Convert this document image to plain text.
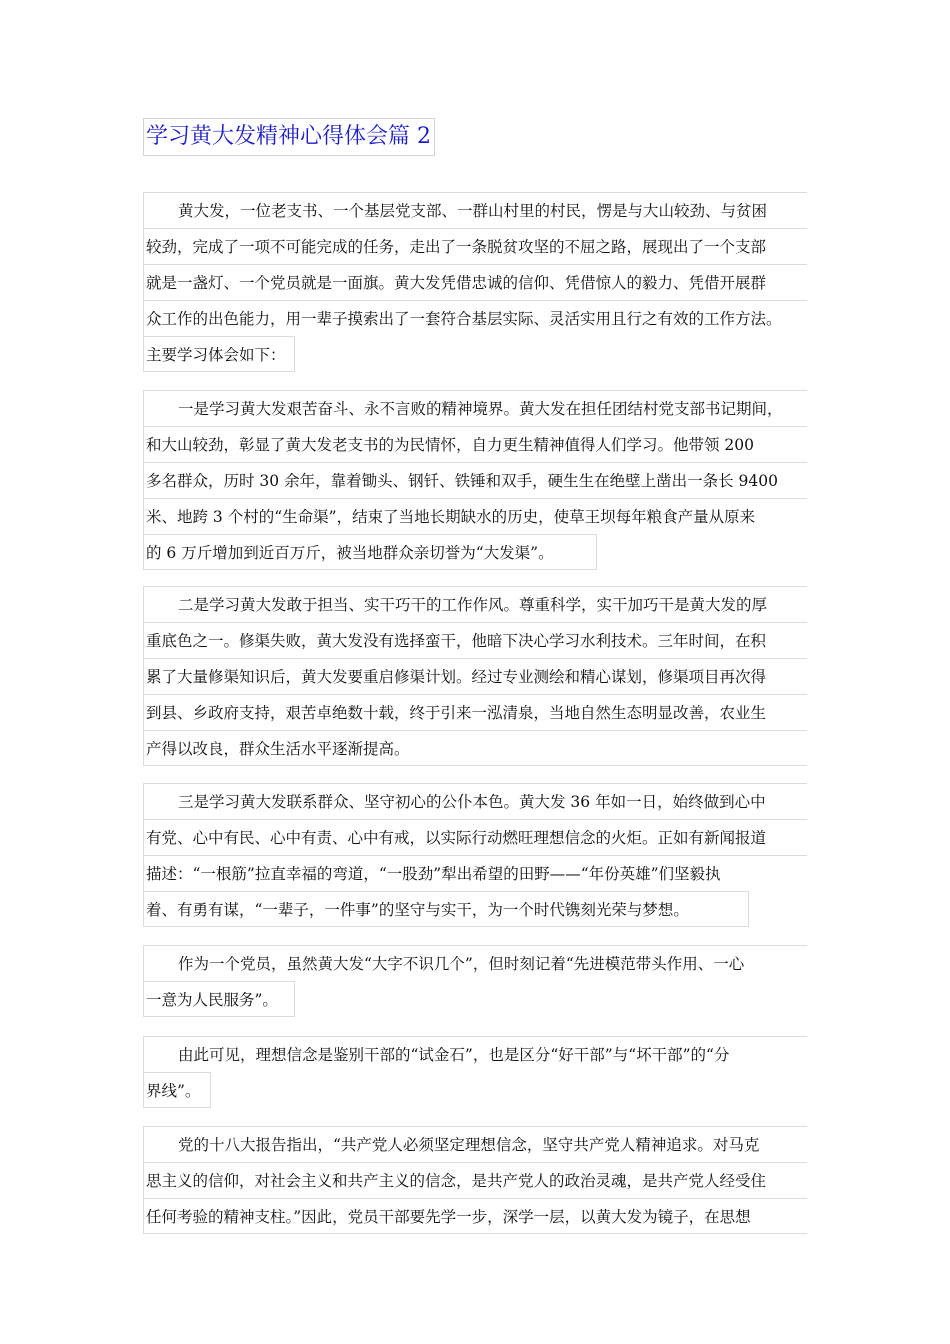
学习黄大发精神心得体会篇 2
黄大发，一位老支书、一个基层党支部、一群山村里的村民，愣是与大山较劲、与贫困
较劲，完成了一项不可能完成的任务，走出了一条脱贫攻坚的不屈之路，展现出了一个支部
就是一盏灯、一个党员就是一面旗。黄大发凭借忠诚的信仰、凭借惊人的毅力、凭借开展群
众工作的出色能力，用一辈子摸索出了一套符合基层实际、灵活实用且行之有效的工作方法。
主要学习体会如下：
一是学习黄大发艰苦奋斗、永不言败的精神境界。黄大发在担任团结村党支部书记期间，
和大山较劲，彰显了黄大发老支书的为民情怀，自力更生精神值得人们学习。他带领 200
多名群众，历时 30 余年，靠着锄头、钢钎、铁锤和双手，硬生生在绝壁上凿出一条长 9400
米、地跨 3 个村的“生命渠”，结束了当地长期缺水的历史，使草王坝每年粮食产量从原来
的 6 万斤增加到近百万斤，被当地群众亲切誉为“大发渠”。
二是学习黄大发敢于担当、实干巧干的工作作风。尊重科学，实干加巧干是黄大发的厚
重底色之一。修渠失败，黄大发没有选择蛮干，他暗下决心学习水利技术。三年时间，在积
累了大量修渠知识后，黄大发要重启修渠计划。经过专业测绘和精心谋划，修渠项目再次得
到县、乡政府支持，艰苦卓绝数十载，终于引来一泓清泉，当地自然生态明显改善，农业生
产得以改良，群众生活水平逐渐提高。
三是学习黄大发联系群众、坚守初心的公仆本色。黄大发 36 年如一日，始终做到心中
有党、心中有民、心中有责、心中有戒，以实际行动燃旺理想信念的火炬。正如有新闻报道
描述：“一根筋”拉直幸福的弯道，“一股劲”犁出希望的田野——“年份英雄”们坚毅执
着、有勇有谋，“一辈子，一件事”的坚守与实干，为一个时代镌刻光荣与梦想。
作为一个党员，虽然黄大发“大字不识几个”，但时刻记着“先进模范带头作用、一心
一意为人民服务”。
由此可见，理想信念是鉴别干部的“试金石”，也是区分“好干部”与“坏干部”的“分
界线”。
党的十八大报告指出，“共产党人必须坚定理想信念，坚守共产党人精神追求。对马克
思主义的信仰，对社会主义和共产主义的信念，是共产党人的政治灵魂，是共产党人经受住
任何考验的精神支柱。”因此，党员干部要先学一步，深学一层，以黄大发为镜子，在思想
